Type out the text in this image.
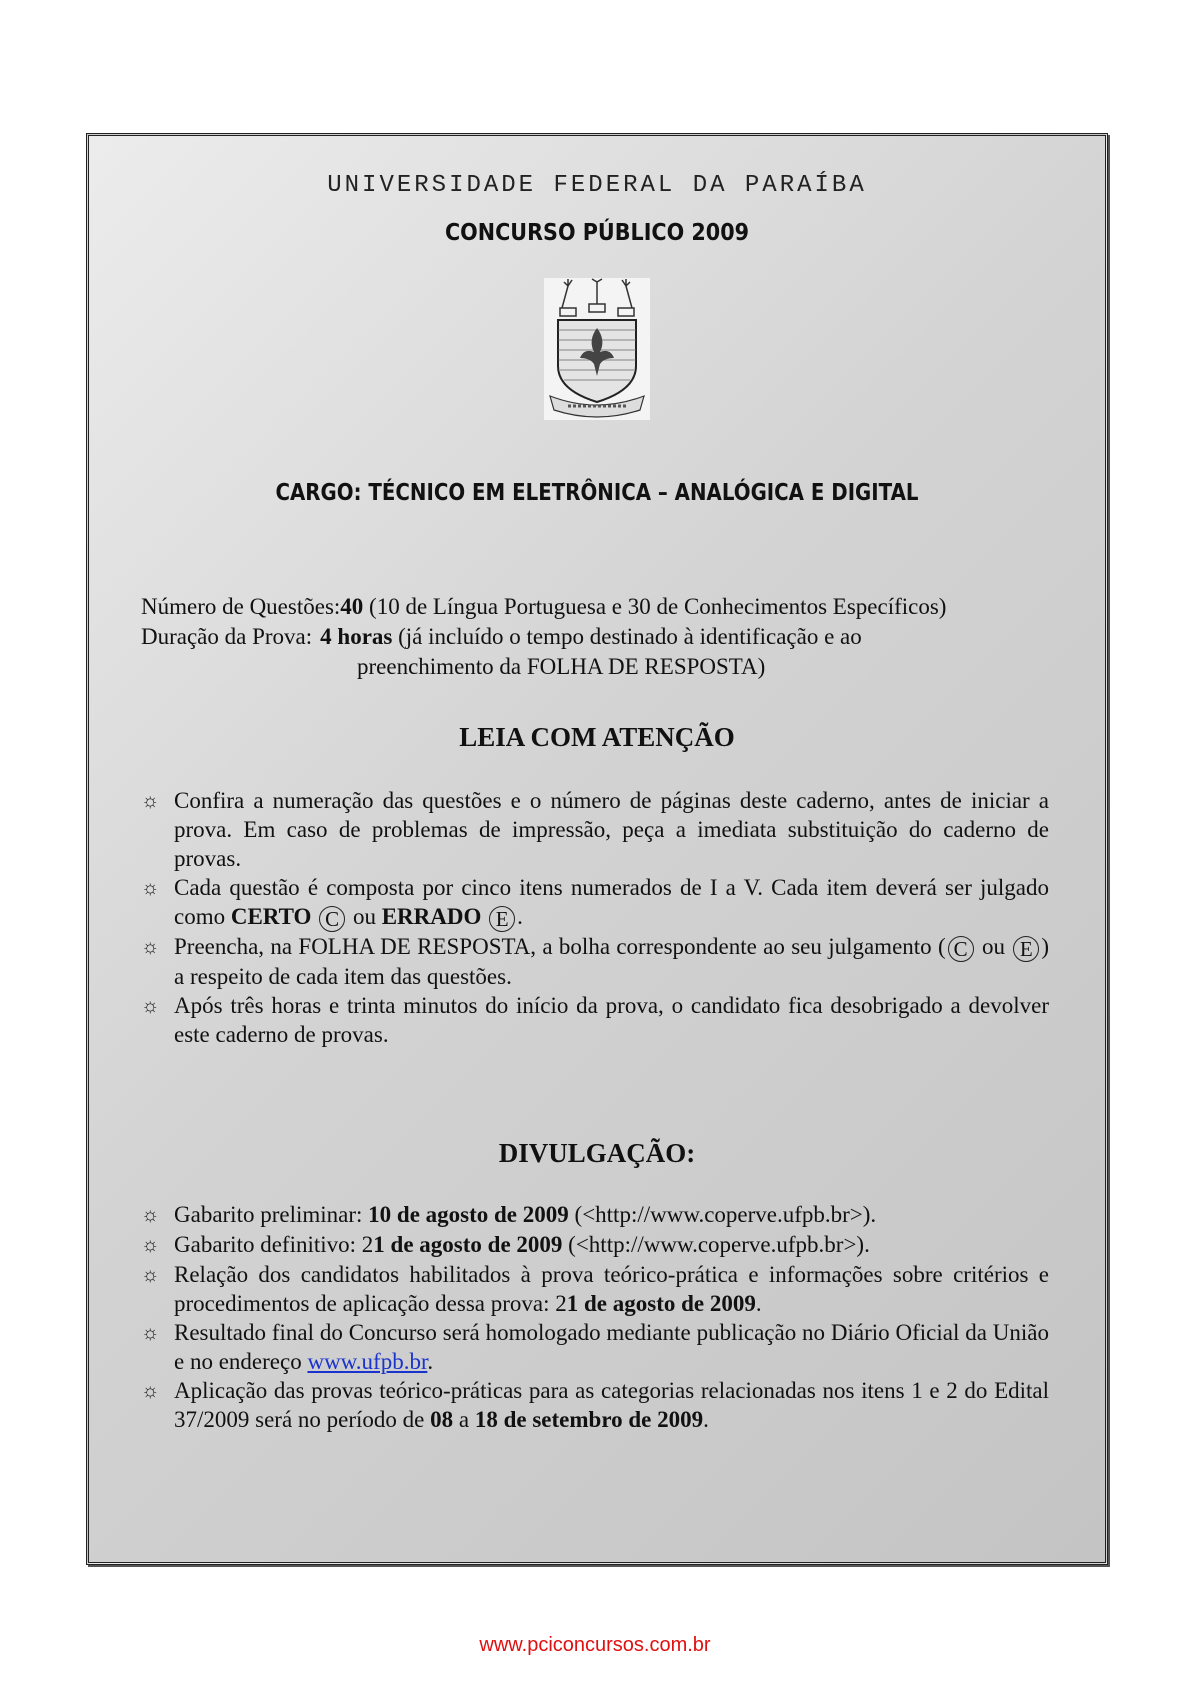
UNIVERSIDADE FEDERAL DA PARAÍBA
CONCURSO PÚBLICO 2009
CARGO: TÉCNICO EM ELETRÔNICA – ANALÓGICA E DIGITAL
Número de Questões: 40 (10 de Língua Portuguesa e 30 de Conhecimentos Específicos)
Duração da Prova: 4 horas (já incluído o tempo destinado à identificação e ao
preenchimento da FOLHA DE RESPOSTA)
LEIA COM ATENÇÃO
☼ Confira a numeração das questões e o número de páginas deste caderno, antes de iniciar a prova. Em caso de problemas de impressão, peça a imediata substituição do caderno de provas.
☼ Cada questão é composta por cinco itens numerados de I a V. Cada item deverá ser julgado como CERTO C ou ERRADO E .
☼ Preencha, na FOLHA DE RESPOSTA, a bolha correspondente ao seu julgamento ( C ou E ) a respeito de cada item das questões.
☼ Após três horas e trinta minutos do início da prova, o candidato fica desobrigado a devolver este caderno de provas.
DIVULGAÇÃO:
☼ Gabarito preliminar: 10 de agosto de 2009 (<http://www.coperve.ufpb.br>).
☼ Gabarito definitivo: 21 de agosto de 2009 (<http://www.coperve.ufpb.br>).
☼ Relação dos candidatos habilitados à prova teórico-prática e informações sobre critérios e procedimentos de aplicação dessa prova: 21 de agosto de 2009.
☼ Resultado final do Concurso será homologado mediante publicação no Diário Oficial da União e no endereço www.ufpb.br.
☼ Aplicação das provas teórico-práticas para as categorias relacionadas nos itens 1 e 2 do Edital 37/2009 será no período de 08 a 18 de setembro de 2009.
www.pciconcursos.com.br
